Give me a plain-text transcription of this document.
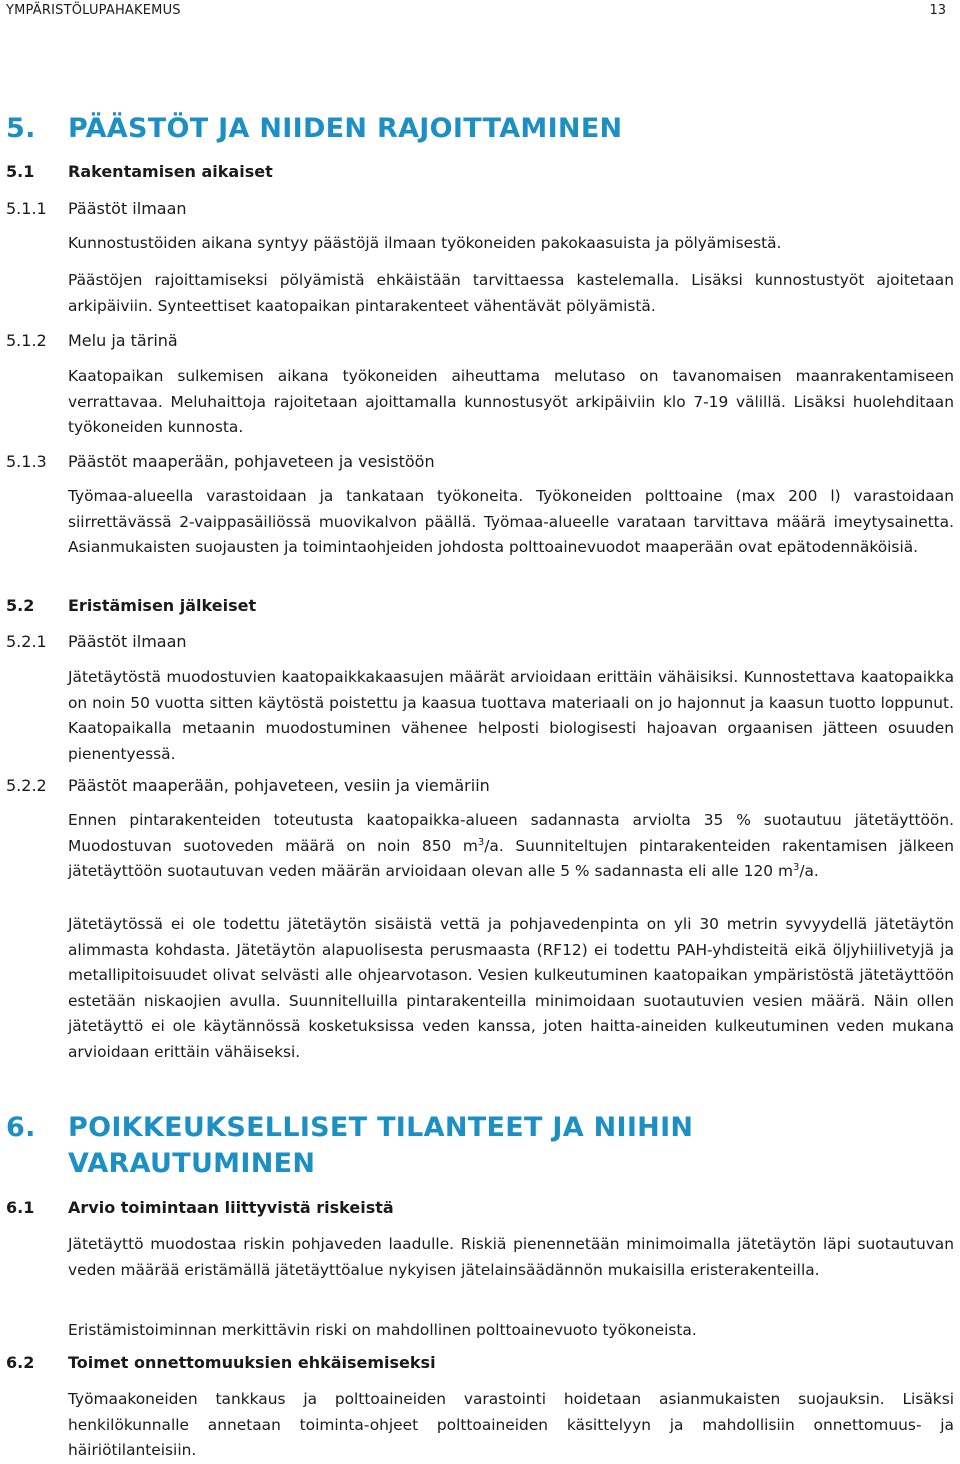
YMPÄRISTÖLUPAHAKEMUS	13
5. PÄÄSTÖT JA NIIDEN RAJOITTAMINEN
5.1 Rakentamisen aikaiset
5.1.1 Päästöt ilmaan
Kunnostustöiden aikana syntyy päästöjä ilmaan työkoneiden pakokaasuista ja pölyämisestä.
Päästöjen rajoittamiseksi pölyämistä ehkäistään tarvittaessa kastelemalla. Lisäksi kunnostustyöt ajoitetaan arkipäiviin. Synteettiset kaatopaikan pintarakenteet vähentävät pölyämistä.
5.1.2 Melu ja tärinä
Kaatopaikan sulkemisen aikana työkoneiden aiheuttama melutaso on tavanomaisen maanrakentamiseen verrattavaa. Meluhaittoja rajoitetaan ajoittamalla kunnostusyöt arkipäiviin klo 7-19 välillä. Lisäksi huolehditaan työkoneiden kunnosta.
5.1.3 Päästöt maaperään, pohjaveteen ja vesistöön
Työmaa-alueella varastoidaan ja tankataan työkoneita. Työkoneiden polttoaine (max 200 l) varastoidaan siirrettävässä 2-vaippasäiliössä muovikalvon päällä. Työmaa-alueelle varataan tarvittava määrä imeytysainetta. Asianmukaisten suojausten ja toimintaohjeiden johdosta polttoainevuodot maaperään ovat epätodennäköisiä.
5.2 Eristämisen jälkeiset
5.2.1 Päästöt ilmaan
Jätetäytöstä muodostuvien kaatopaikkakaasujen määrät arvioidaan erittäin vähäisiksi. Kunnostettava kaatopaikka on noin 50 vuotta sitten käytöstä poistettu ja kaasua tuottava materiaali on jo hajonnut ja kaasun tuotto loppunut. Kaatopaikalla metaanin muodostuminen vähenee helposti biologisesti hajoavan orgaanisen jätteen osuuden pienentyessä.
5.2.2 Päästöt maaperään, pohjaveteen, vesiin ja viemäriin
Ennen pintarakenteiden toteutusta kaatopaikka-alueen sadannasta arviolta 35 % suotautuu jätetäyttöön. Muodostuvan suotoveden määrä on noin 850 $m^3/a$. Suunniteltujen pintarakenteiden rakentamisen jälkeen jätetäyttöön suotautuvan veden määrän arvioidaan olevan alle 5 % sadannasta eli alle 120 $m^3/a$.
Jätetäytössä ei ole todettu jätetäytön sisäistä vettä ja pohjavedenpinta on yli 30 metrin syvyydellä jätetäytön alimmasta kohdasta. Jätetäytön alapuolisesta perusmaasta (RF12) ei todettu PAH-yhdisteitä eikä öljyhiilivetyjä ja metallipitoisuudet olivat selvästi alle ohjearvotason. Vesien kulkeutuminen kaatopaikan ympäristöstä jätetäyttöön estetään niskaojien avulla. Suunnitelluilla pintarakenteilla minimoidaan suotautuvien vesien määrä. Näin ollen jätetäyttö ei ole käytännössä kosketuksissa veden kanssa, joten haitta-aineiden kulkeutuminen veden mukana arvioidaan erittäin vähäiseksi.
6. POIKKEUKSELLISET TILANTEET JA NIIHIN VARAUTUMINEN
6.1 Arvio toimintaan liittyvistä riskeistä
Jätetäyttö muodostaa riskin pohjaveden laadulle. Riskiä pienennetään minimoimalla jätetäytön läpi suotautuvan veden määrää eristämällä jätetäyttöalue nykyisen jätelainsäädännön mukaisilla eristerakenteilla.
Eristämistoiminnan merkittävin riski on mahdollinen polttoainevuoto työkoneista.
6.2 Toimet onnettomuuksien ehkäisemiseksi
Työmaakoneiden tankkaus ja polttoaineiden varastointi hoidetaan asianmukaisten suojauksin. Lisäksi henkilökunnalle annetaan toiminta-ohjeet polttoaineiden käsittelyyn ja mahdollisiin onnettomuus- ja häiriötilanteisiin.
